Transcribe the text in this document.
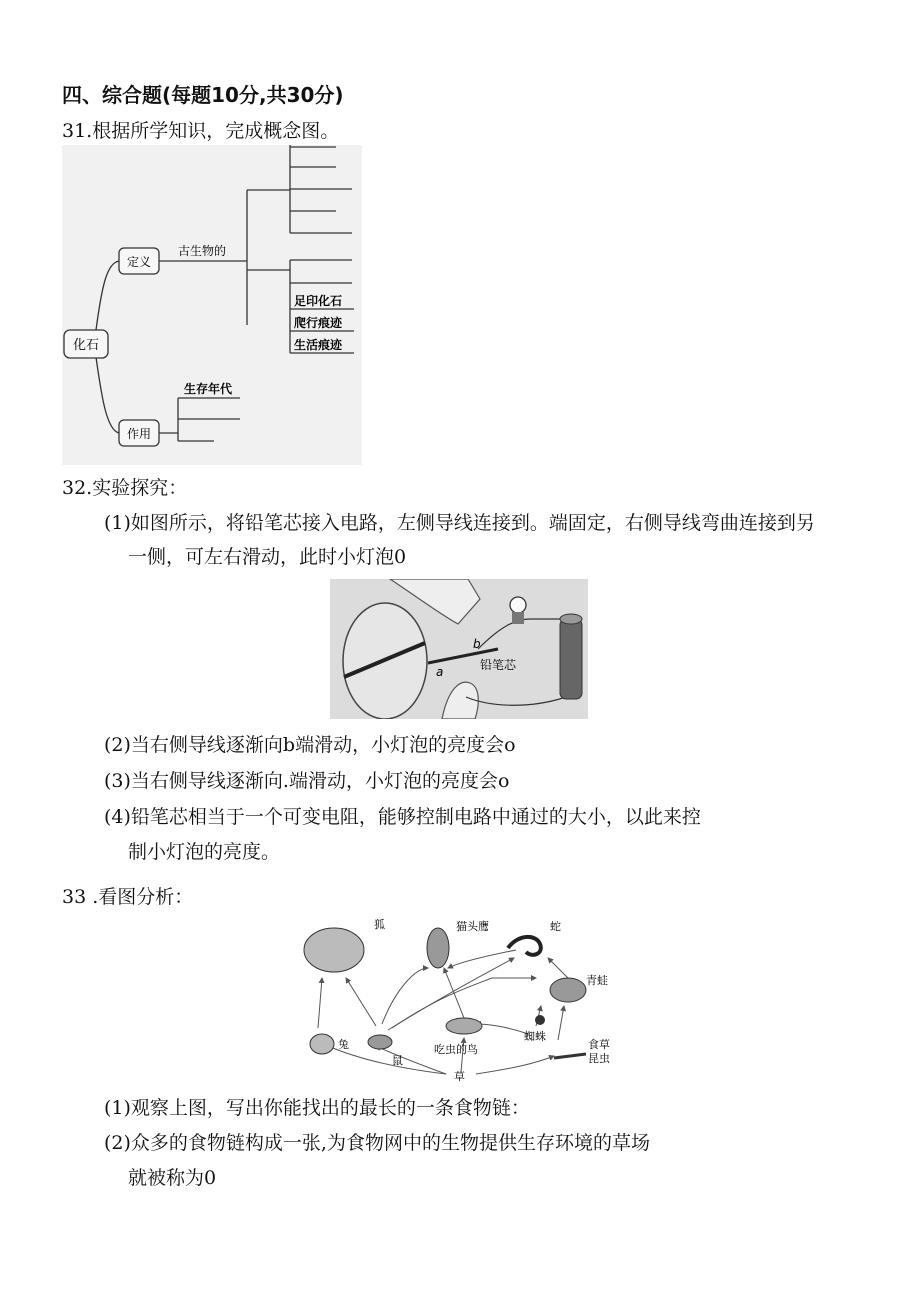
四、综合题(每题10分,共30分)
31.根据所学知识，完成概念图。
化石
定义
古生物的
足印化石
爬行痕迹
生活痕迹
作用
生存年代
32.实验探究：
(1)如图所示，将铅笔芯接入电路，左侧导线连接到。端固定，右侧导线弯曲连接到另
一侧，可左右滑动，此时小灯泡0
a
b
铅笔芯
(2)当右侧导线逐渐向b端滑动，小灯泡的亮度会o
(3)当右侧导线逐渐向.端滑动，小灯泡的亮度会o
(4)铅笔芯相当于一个可变电阻，能够控制电路中通过的大小，以此来控
制小灯泡的亮度。
33 .看图分析：
狐	猫头鹰	蛇
青蛙
蜘蛛
兔
鼠
吃虫的鸟	食草
昆虫
草
(1)观察上图，写出你能找出的最长的一条食物链：
(2)众多的食物链构成一张,为食物网中的生物提供生存环境的草场
就被称为0
